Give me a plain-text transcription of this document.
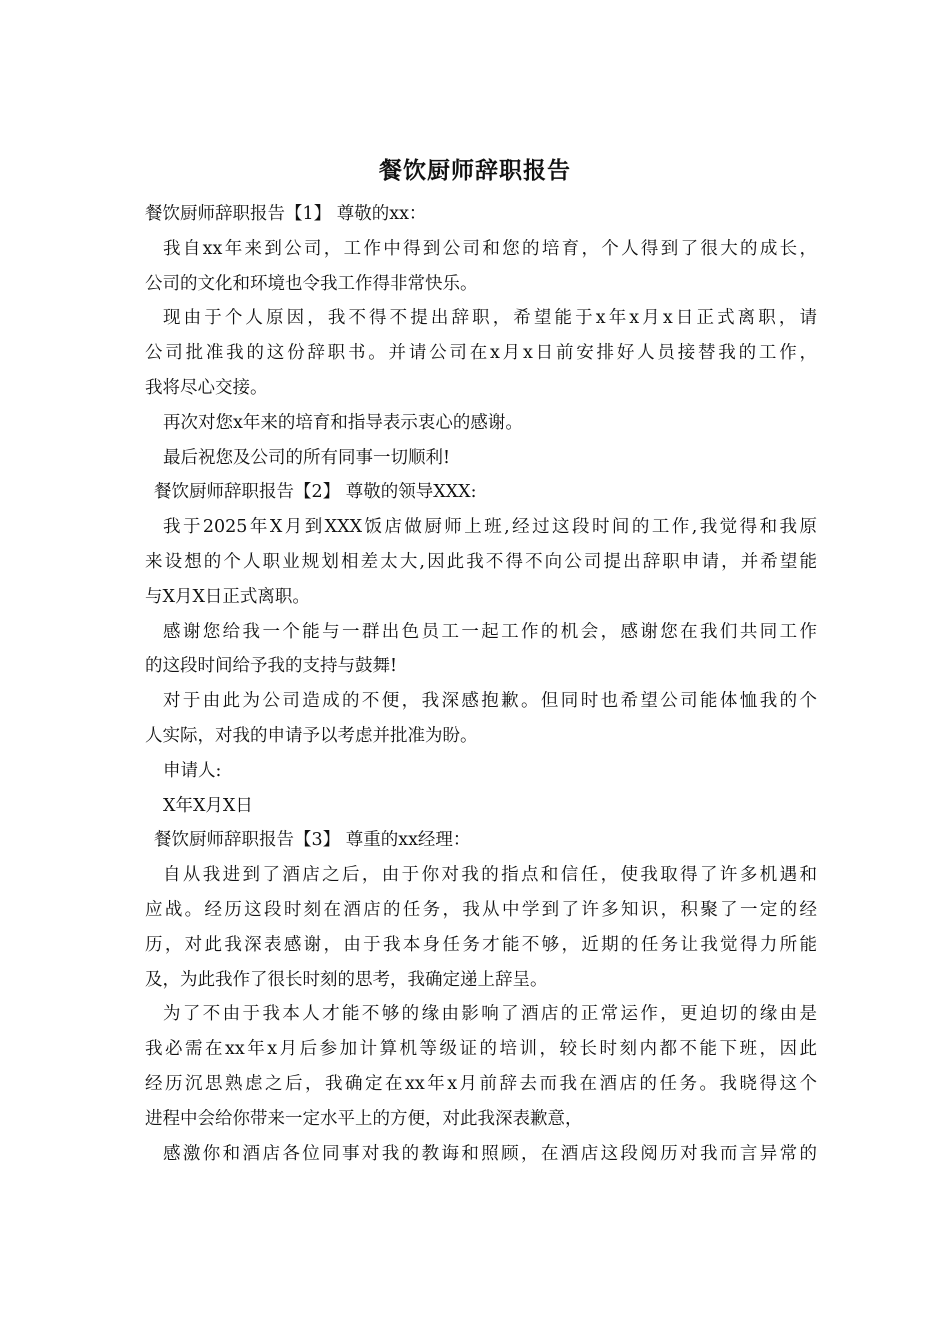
餐饮厨师辞职报告
餐饮厨师辞职报告【1】 尊敬的xx：
我自xx年来到公司，工作中得到公司和您的培育，个人得到了很大的成长，
公司的文化和环境也令我工作得非常快乐。
现由于个人原因，我不得不提出辞职，希望能于x年x月x日正式离职，请
公司批准我的这份辞职书。并请公司在x月x日前安排好人员接替我的工作，
我将尽心交接。
再次对您x年来的培育和指导表示衷心的感谢。
最后祝您及公司的所有同事一切顺利!
餐饮厨师辞职报告【2】 尊敬的领导XXX:
我于2025年X月到XXX饭店做厨师上班,经过这段时间的工作,我觉得和我原
来设想的个人职业规划相差太大,因此我不得不向公司提出辞职申请，并希望能
与X月X日正式离职。
感谢您给我一个能与一群出色员工一起工作的机会，感谢您在我们共同工作
的这段时间给予我的支持与鼓舞!
对于由此为公司造成的不便，我深感抱歉。但同时也希望公司能体恤我的个
人实际，对我的申请予以考虑并批准为盼。
申请人:
X年X月X日
餐饮厨师辞职报告【3】 尊重的xx经理：
自从我进到了酒店之后，由于你对我的指点和信任，使我取得了许多机遇和
应战。经历这段时刻在酒店的任务，我从中学到了许多知识，积聚了一定的经
历，对此我深表感谢，由于我本身任务才能不够，近期的任务让我觉得力所能
及，为此我作了很长时刻的思考，我确定递上辞呈。
为了不由于我本人才能不够的缘由影响了酒店的正常运作，更迫切的缘由是
我必需在xx年x月后参加计算机等级证的培训，较长时刻内都不能下班，因此
经历沉思熟虑之后，我确定在xx年x月前辞去而我在酒店的任务。我晓得这个
进程中会给你带来一定水平上的方便，对此我深表歉意，
感激你和酒店各位同事对我的教诲和照顾，在酒店这段阅历对我而言异常的
